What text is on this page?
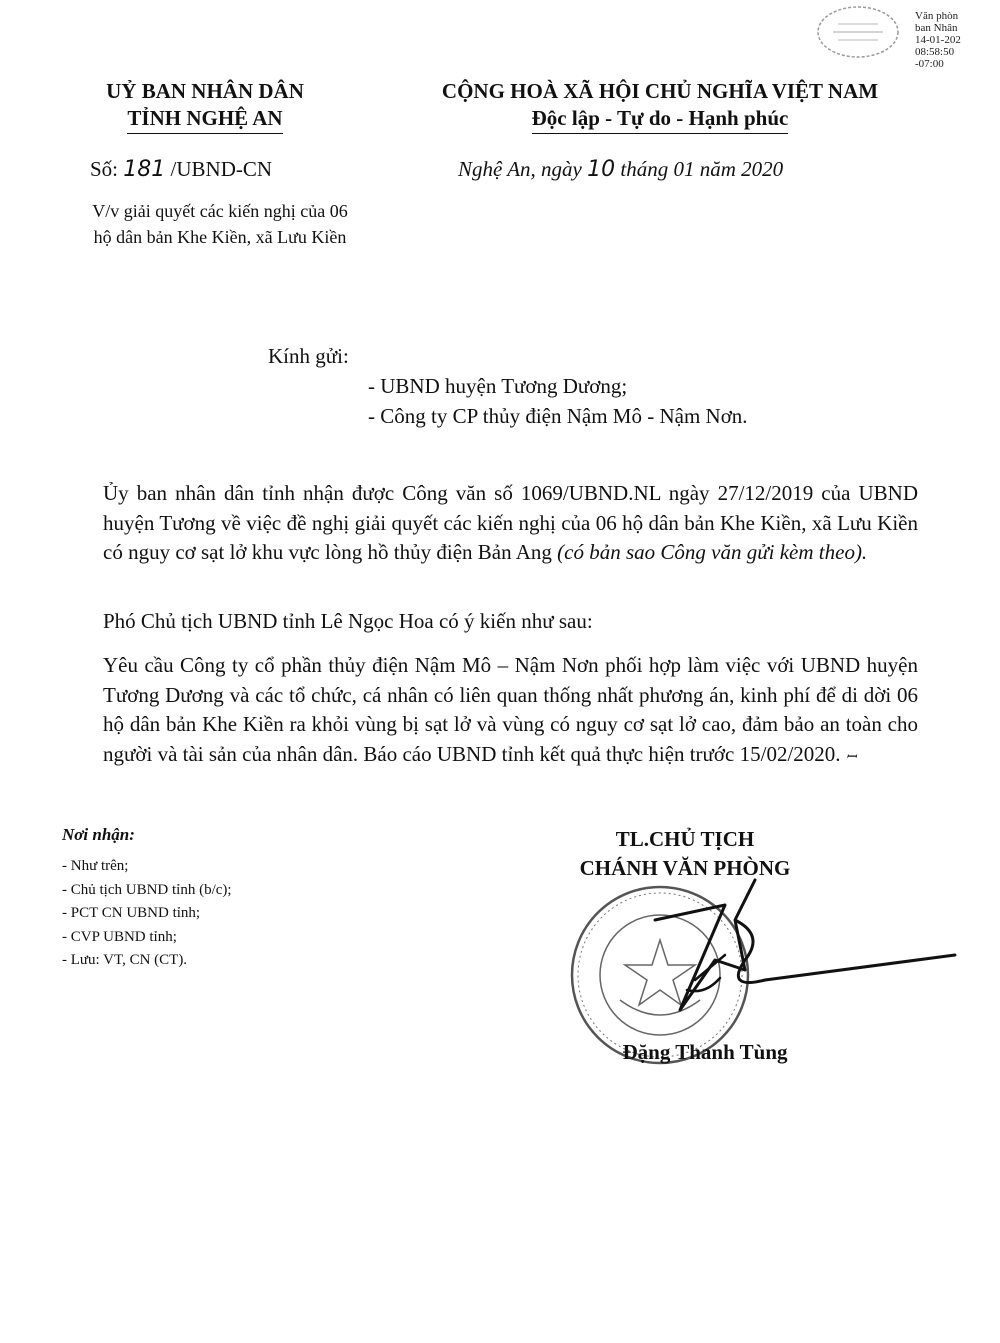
Văn phòn
ban Nhân
14-01-202
08:58:50
-07:00
UỶ BAN NHÂN DÂN
TỈNH NGHỆ AN
CỘNG HOÀ XÃ HỘI CHỦ NGHĨA VIỆT NAM
Độc lập - Tự do - Hạnh phúc
Số: 181 /UBND-CN	Nghệ An, ngày 10 tháng 01 năm 2020
V/v giải quyết các kiến nghị của 06
hộ dân bản Khe Kiền, xã Lưu Kiền
Kính gửi:
- UBND huyện Tương Dương;
- Công ty CP thủy điện Nậm Mô - Nậm Nơn.
Ủy ban nhân dân tỉnh nhận được Công văn số 1069/UBND.NL ngày 27/12/2019 của UBND huyện Tương về việc đề nghị giải quyết các kiến nghị của 06 hộ dân bản Khe Kiền, xã Lưu Kiền có nguy cơ sạt lở khu vực lòng hồ thủy điện Bản Ang (có bản sao Công văn gửi kèm theo).
Phó Chủ tịch UBND tỉnh Lê Ngọc Hoa có ý kiến như sau:
Yêu cầu Công ty cổ phần thủy điện Nậm Mô – Nậm Nơn phối hợp làm việc với UBND huyện Tương Dương và các tổ chức, cá nhân có liên quan thống nhất phương án, kinh phí để di dời 06 hộ dân bản Khe Kiền ra khỏi vùng bị sạt lở và vùng có nguy cơ sạt lở cao, đảm bảo an toàn cho người và tài sản của nhân dân. Báo cáo UBND tỉnh kết quả thực hiện trước 15/02/2020. ꟷ
Nơi nhận:
- Như trên;
- Chủ tịch UBND tỉnh (b/c);
- PCT CN UBND tỉnh;
- CVP UBND tỉnh;
- Lưu: VT, CN (CT).
TL.CHỦ TỊCH
CHÁNH VĂN PHÒNG
Đặng Thanh Tùng
